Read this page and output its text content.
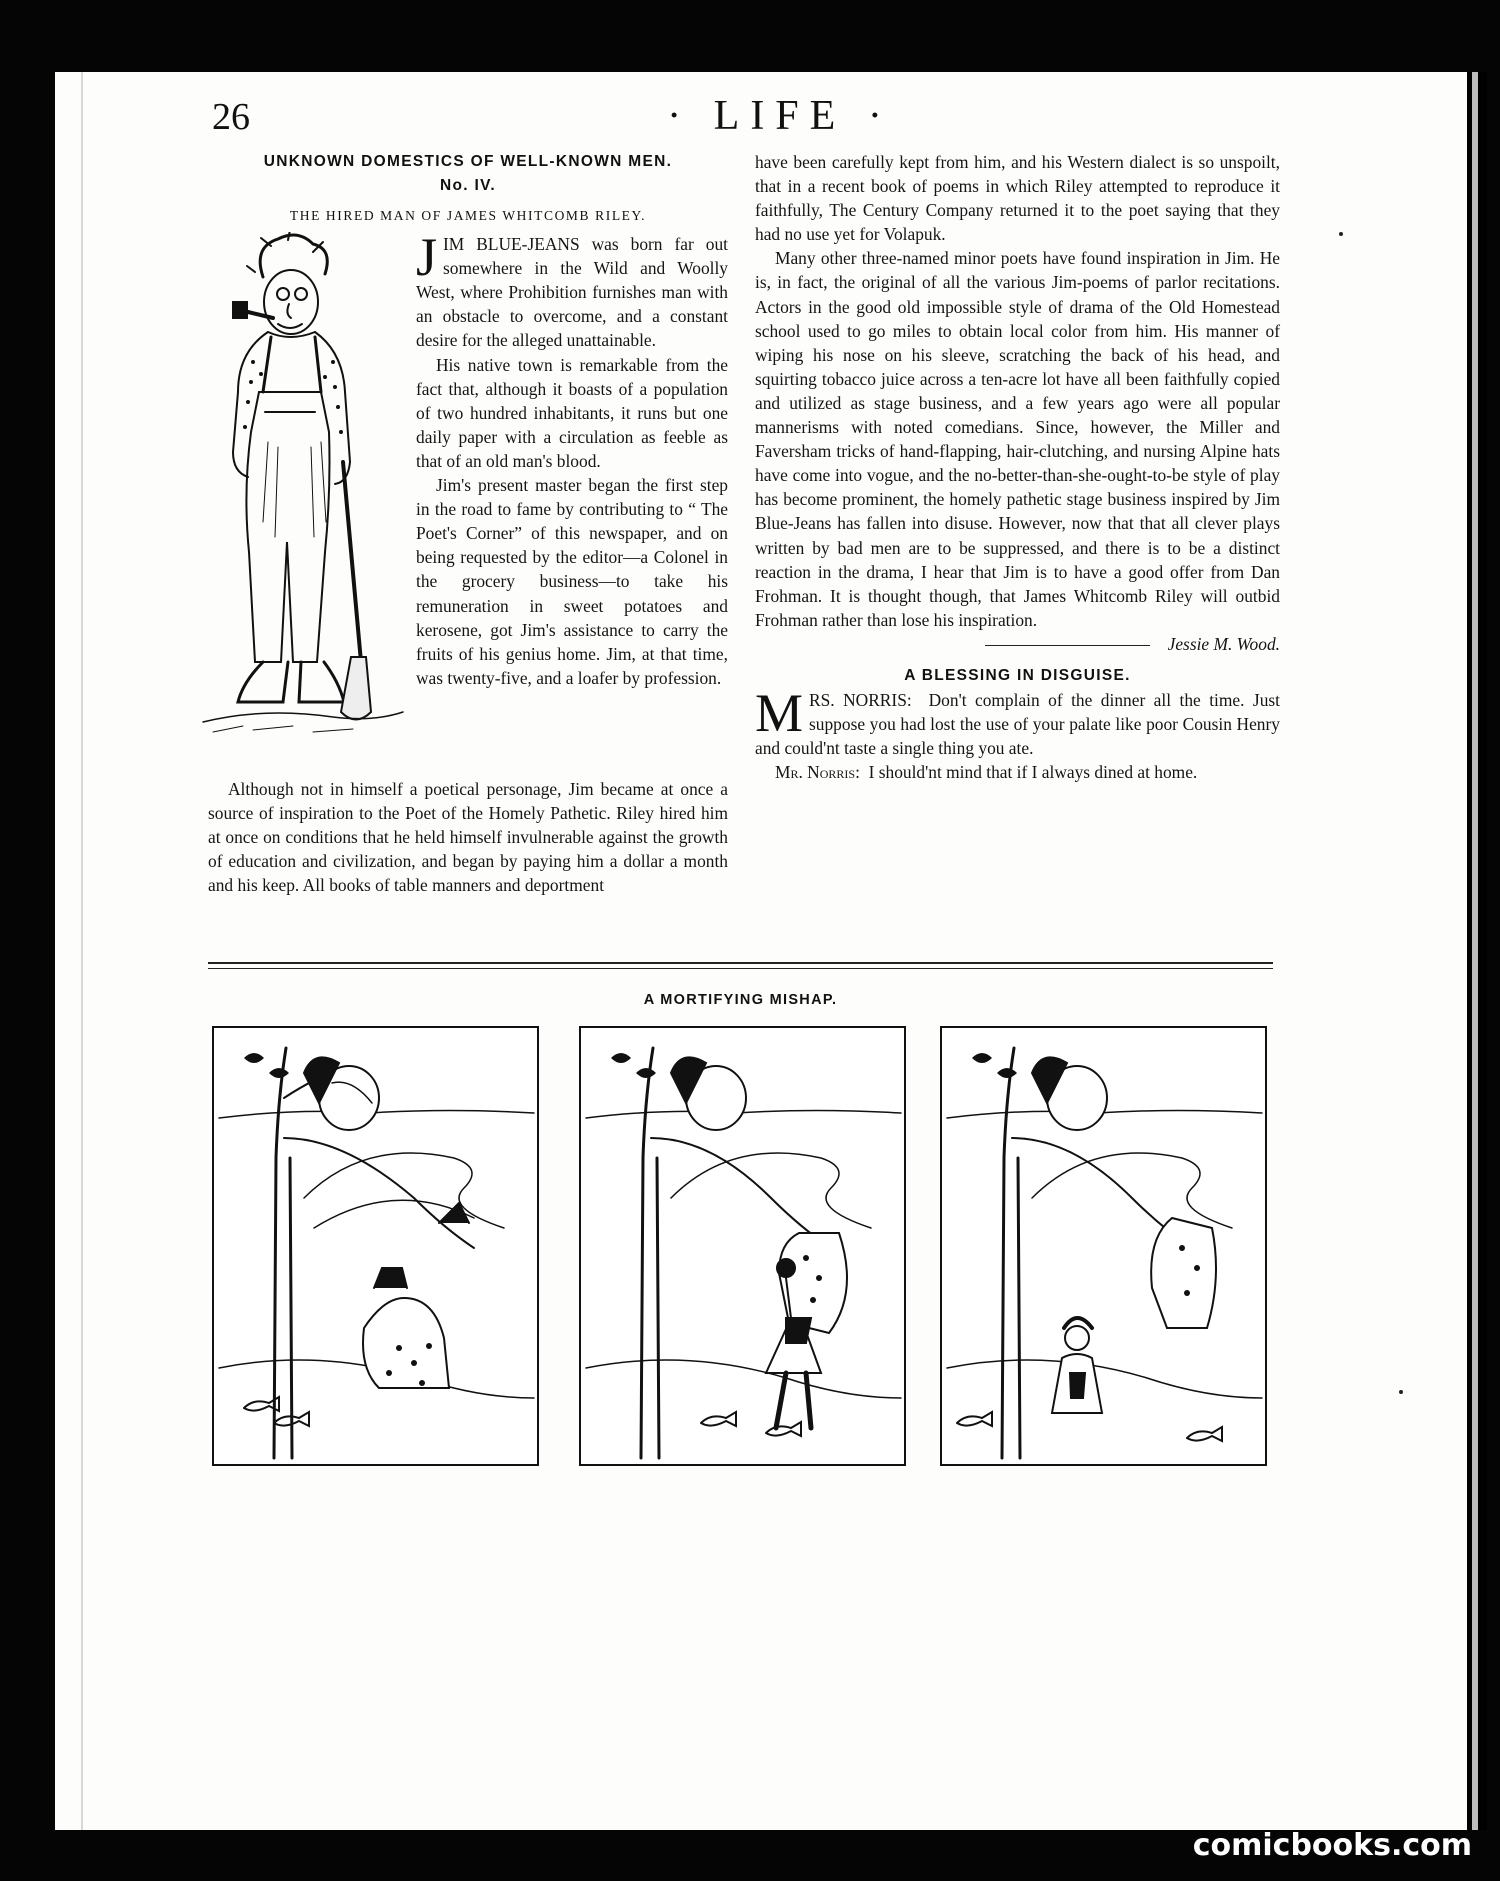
26	· LIFE ·
UNKNOWN DOMESTICS OF WELL-KNOWN MEN.
No. IV.
THE HIRED MAN OF JAMES WHITCOMB RILEY.

JIM BLUE-JEANS was born far out somewhere in the Wild and Woolly West, where Prohibition furnishes man with an obstacle to overcome, and a constant desire for the alleged unattainable.

His native town is remarkable from the fact that, although it boasts of a population of two hundred inhabitants, it runs but one daily paper with a circulation as feeble as that of an old man's blood.

Jim's present master began the first step in the road to fame by contributing to “ The Poet's Corner” of this newspaper, and on being requested by the editor—a Colonel in the grocery business—to take his remuneration in sweet potatoes and kerosene, got Jim's assistance to carry the fruits of his genius home. Jim, at that time, was twenty-five, and a loafer by profession.

Although not in himself a poetical personage, Jim became at once a source of inspiration to the Poet of the Homely Pathetic. Riley hired him at once on conditions that he held himself invulnerable against the growth of education and civilization, and began by paying him a dollar a month and his keep. All books of table manners and deportment

have been carefully kept from him, and his Western dialect is so unspoilt, that in a recent book of poems in which Riley attempted to reproduce it faithfully, The Century Company returned it to the poet saying that they had no use yet for Volapuk.

Many other three-named minor poets have found inspiration in Jim. He is, in fact, the original of all the various Jim-poems of parlor recitations. Actors in the good old impossible style of drama of the Old Homestead school used to go miles to obtain local color from him. His manner of wiping his nose on his sleeve, scratching the back of his head, and squirting tobacco juice across a ten-acre lot have all been faithfully copied and utilized as stage business, and a few years ago were all popular mannerisms with noted comedians. Since, however, the Miller and Faversham tricks of hand-flapping, hair-clutching, and nursing Alpine hats have come into vogue, and the no-better-than-she-ought-to-be style of play has become prominent, the homely pathetic stage business inspired by Jim Blue-Jeans has fallen into disuse. However, now that that all clever plays written by bad men are to be suppressed, and there is to be a distinct reaction in the drama, I hear that Jim is to have a good offer from Dan Frohman. It is thought though, that James Whitcomb Riley will outbid Frohman rather than lose his inspiration.

Jessie M. Wood.
A BLESSING IN DISGUISE.

MRS. NORRIS: Don't complain of the dinner all the time. Just suppose you had lost the use of your palate like poor Cousin Henry and could'nt taste a single thing you ate.

Mr. Norris: I should'nt mind that if I always dined at home.

A MORTIFYING MISHAP.
comicbooks.com
